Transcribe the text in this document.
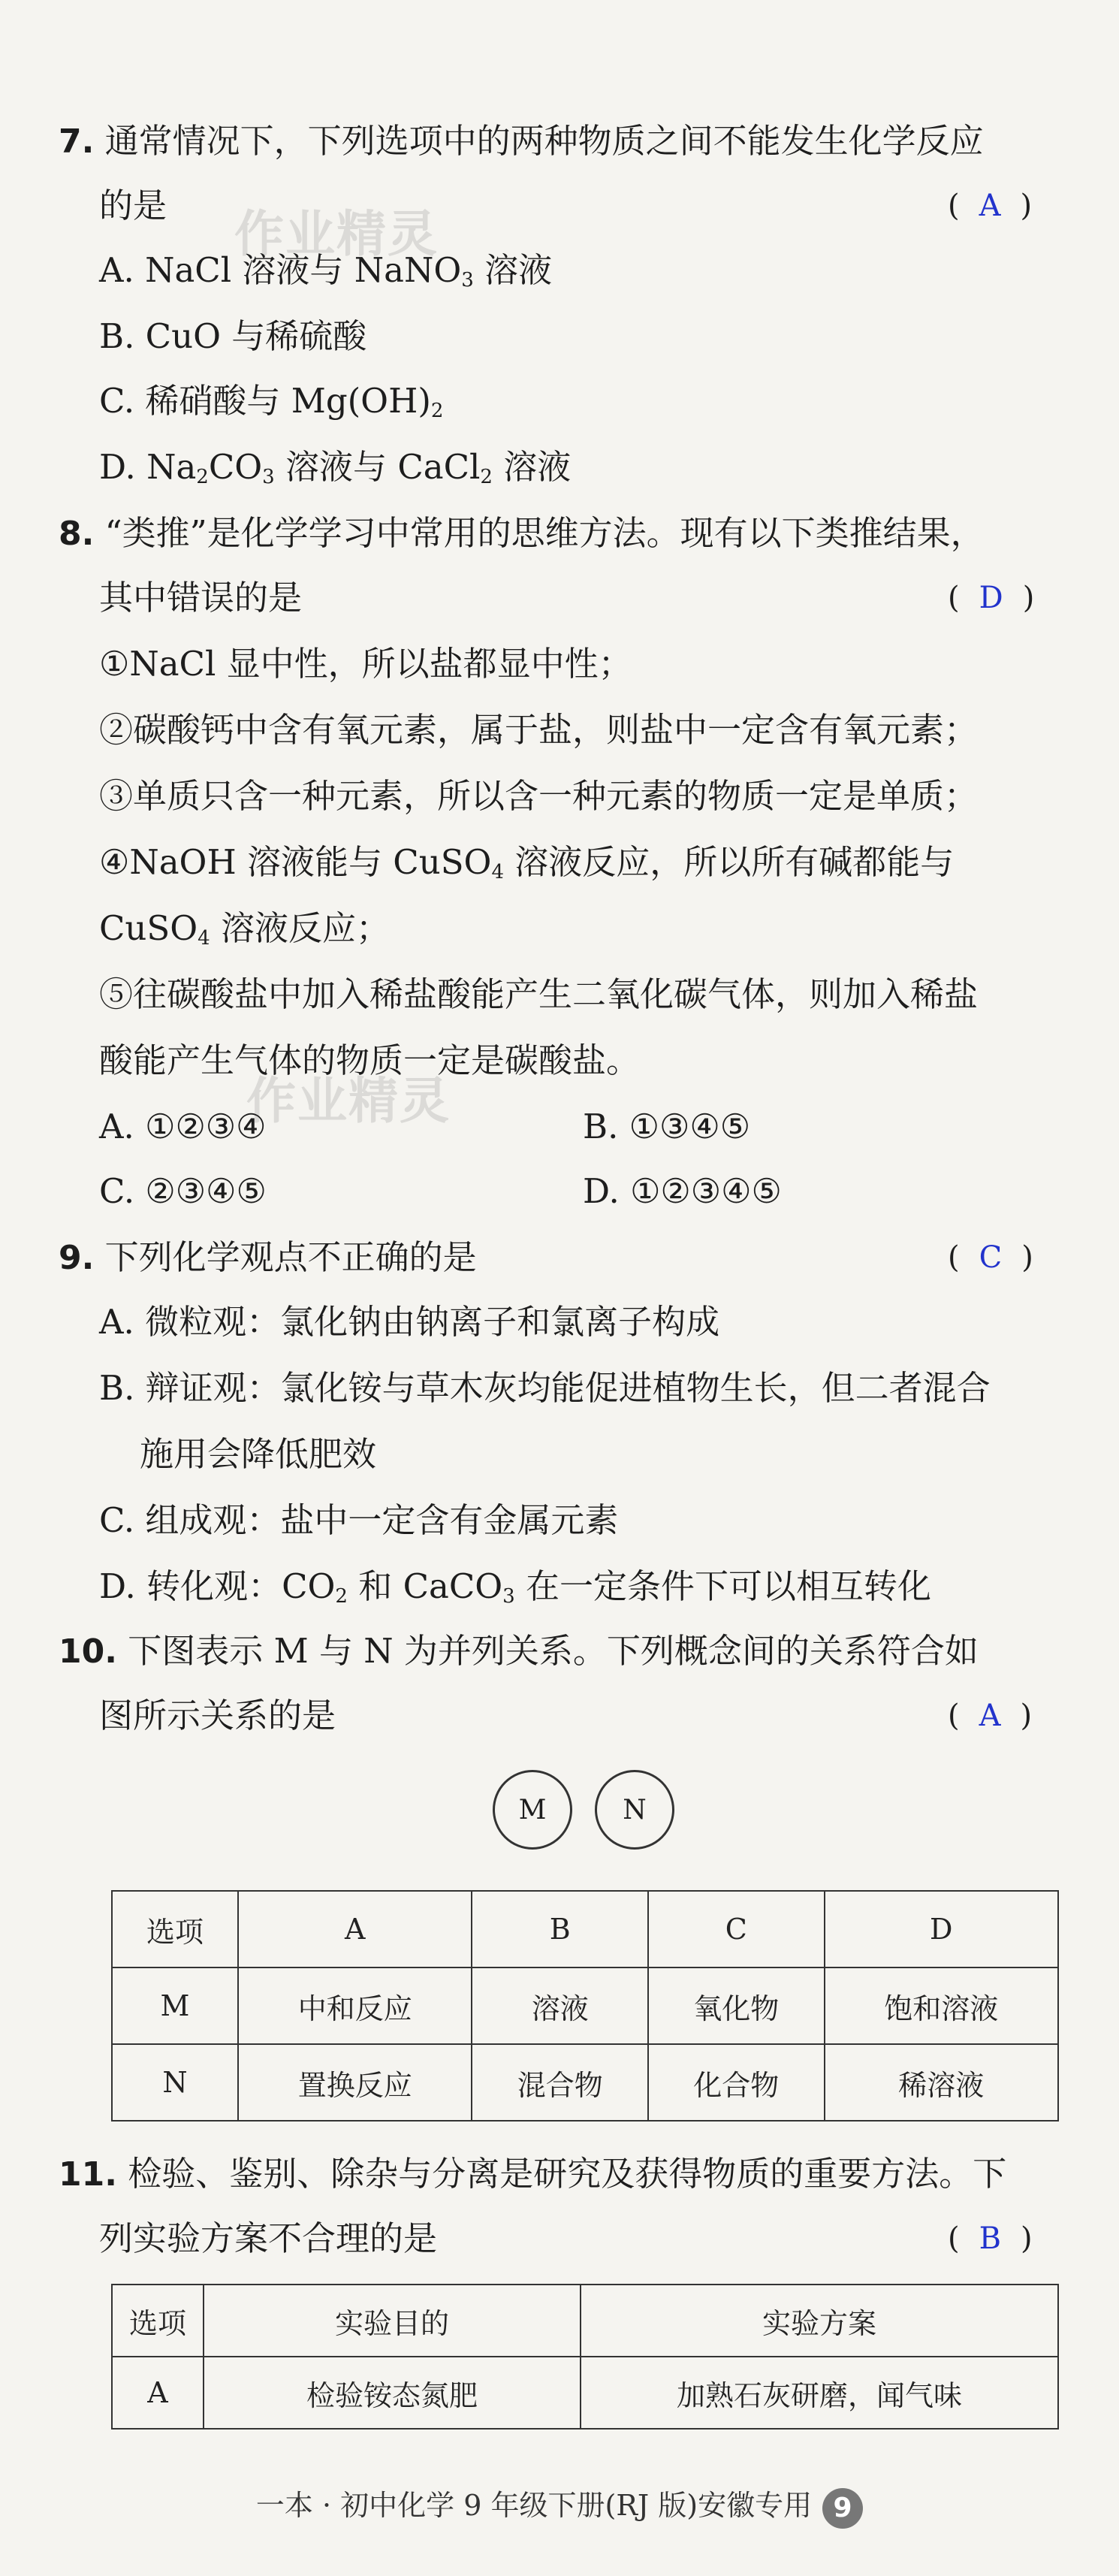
作业精灵
作业精灵
7. 通常情况下，下列选项中的两种物质之间不能发生化学反应
的是	( A )
A. NaCl 溶液与 NaNO$_3$ 溶液
B. CuO 与稀硫酸
C. 稀硝酸与 $Mg(OH)_2$
D. $Na_2CO_3$ 溶液与 CaCl$_2$ 溶液
8. “类推”是化学学习中常用的思维方法。现有以下类推结果，
其中错误的是	( D )
①NaCl 显中性，所以盐都显中性；
②碳酸钙中含有氧元素，属于盐，则盐中一定含有氧元素；
③单质只含一种元素，所以含一种元素的物质一定是单质；
④NaOH 溶液能与 CuSO$_4$ 溶液反应，所以所有碱都能与
CuSO$_4$ 溶液反应；
⑤往碳酸盐中加入稀盐酸能产生二氧化碳气体，则加入稀盐
酸能产生气体的物质一定是碳酸盐。
A. ①②③④	B. ①③④⑤
C. ②③④⑤	D. ①②③④⑤
9. 下列化学观点不正确的是	( C )
A. 微粒观：氯化钠由钠离子和氯离子构成
B. 辩证观：氯化铵与草木灰均能促进植物生长，但二者混合
施用会降低肥效
C. 组成观：盐中一定含有金属元素
D. 转化观：$CO_2$ 和 CaCO$_3$ 在一定条件下可以相互转化
10. 下图表示 M 与 N 为并列关系。下列概念间的关系符合如
图所示关系的是	( A )
M	N
选项	A	B	C	D
M	中和反应	溶液	氧化物	饱和溶液
N	置换反应	混合物	化合物	稀溶液
11. 检验、鉴别、除杂与分离是研究及获得物质的重要方法。下
列实验方案不合理的是	( B )
选项	实验目的	实验方案
A	检验铵态氮肥	加熟石灰研磨，闻气味
一本 · 初中化学 9 年级下册(RJ 版)安徽专用 9
